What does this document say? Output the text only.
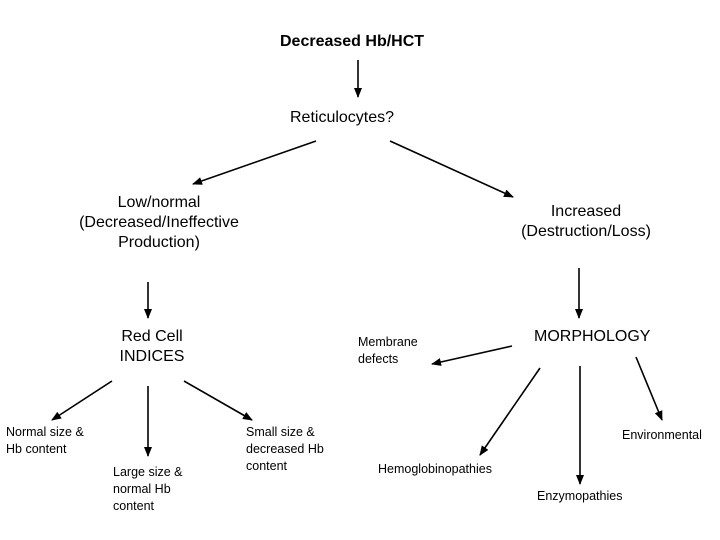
Decreased Hb/HCT
Reticulocytes?
Low/normal
(Decreased/Ineffective
Production)
Increased
(Destruction/Loss)
Red Cell
INDICES
MORPHOLOGY
Membrane
defects
Normal size &
Hb content
Large size &
normal Hb
content
Small size &
decreased Hb
content
Environmental
Hemoglobinopathies
Enzymopathies
